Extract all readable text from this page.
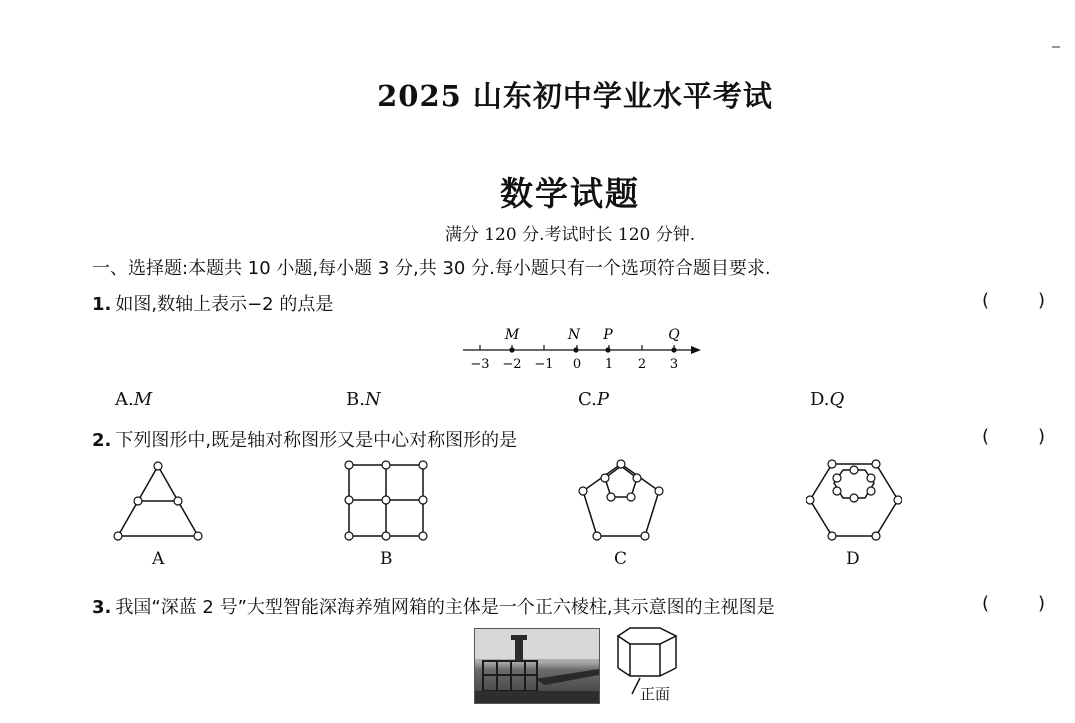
2025 山东初中学业水平考试
数学试题
满分 120 分.考试时长 120 分钟.
一、选择题:本题共 10 小题,每小题 3 分,共 30 分.每小题只有一个选项符合题目要求.
1. 如图,数轴上表示−2 的点是	(	)
−3 −2 −1 0 1 2 3
M	N P	Q
A.M	B.N	C.P	D.Q
2. 下列图形中,既是轴对称图形又是中心对称图形的是	(	)
A	B	C	D
3. 我国“深蓝 2 号”大型智能深海养殖网箱的主体是一个正六棱柱,其示意图的主视图是	(	)
正面
